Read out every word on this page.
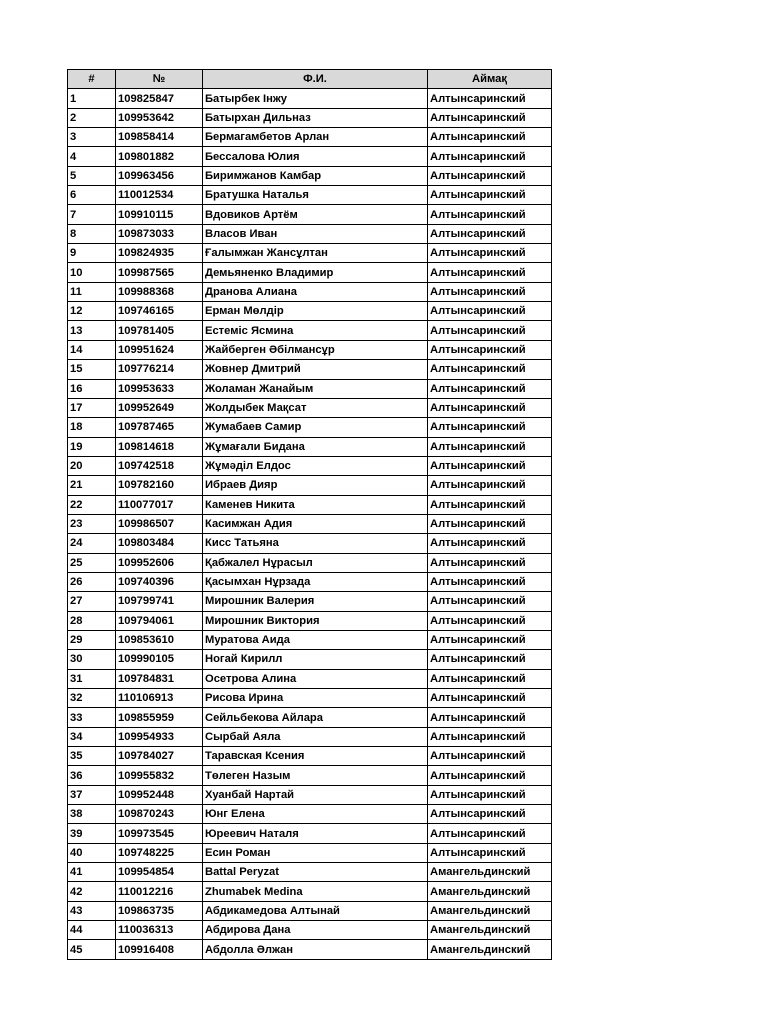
#	№	Ф.И.	Аймақ
1	109825847	Батырбек Інжу	Алтынсаринский
2	109953642	Батырхан Дильназ	Алтынсаринский
3	109858414	Бермагамбетов Арлан	Алтынсаринский
4	109801882	Бессалова Юлия	Алтынсаринский
5	109963456	Биримжанов Камбар	Алтынсаринский
6	110012534	Братушка Наталья	Алтынсаринский
7	109910115	Вдовиков Артём	Алтынсаринский
8	109873033	Власов Иван	Алтынсаринский
9	109824935	Ғалымжан Жансұлтан	Алтынсаринский
10	109987565	Демьяненко Владимир	Алтынсаринский
11	109988368	Дранова Алиана	Алтынсаринский
12	109746165	Ерман Мөлдір	Алтынсаринский
13	109781405	Естеміс Ясмина	Алтынсаринский
14	109951624	Жайберген Әбілмансұр	Алтынсаринский
15	109776214	Жовнер Дмитрий	Алтынсаринский
16	109953633	Жоламан Жанайым	Алтынсаринский
17	109952649	Жолдыбек Мақсат	Алтынсаринский
18	109787465	Жумабаев Самир	Алтынсаринский
19	109814618	Жұмағали Бидана	Алтынсаринский
20	109742518	Жұмәділ Елдос	Алтынсаринский
21	109782160	Ибраев Дияр	Алтынсаринский
22	110077017	Каменев Никита	Алтынсаринский
23	109986507	Касимжан Адия	Алтынсаринский
24	109803484	Кисс Татьяна	Алтынсаринский
25	109952606	Қабжалел Нұрасыл	Алтынсаринский
26	109740396	Қасымхан Нұрзада	Алтынсаринский
27	109799741	Мирошник Валерия	Алтынсаринский
28	109794061	Мирошник Виктория	Алтынсаринский
29	109853610	Муратова Аида	Алтынсаринский
30	109990105	Ногай Кирилл	Алтынсаринский
31	109784831	Осетрова Алина	Алтынсаринский
32	110106913	Рисова Ирина	Алтынсаринский
33	109855959	Сейльбекова Айлара	Алтынсаринский
34	109954933	Сырбай Аяла	Алтынсаринский
35	109784027	Таравская Ксения	Алтынсаринский
36	109955832	Төлеген Назым	Алтынсаринский
37	109952448	Хуанбай Нартай	Алтынсаринский
38	109870243	Юнг Елена	Алтынсаринский
39	109973545	Юреевич Наталя	Алтынсаринский
40	109748225	Есин Роман	Алтынсаринский
41	109954854	Battal Peryzat	Амангельдинский
42	110012216	Zhumabek Medina	Амангельдинский
43	109863735	Абдикамедова Алтынай	Амангельдинский
44	110036313	Абдирова Дана	Амангельдинский
45	109916408	Абдолла Әлжан	Амангельдинский
